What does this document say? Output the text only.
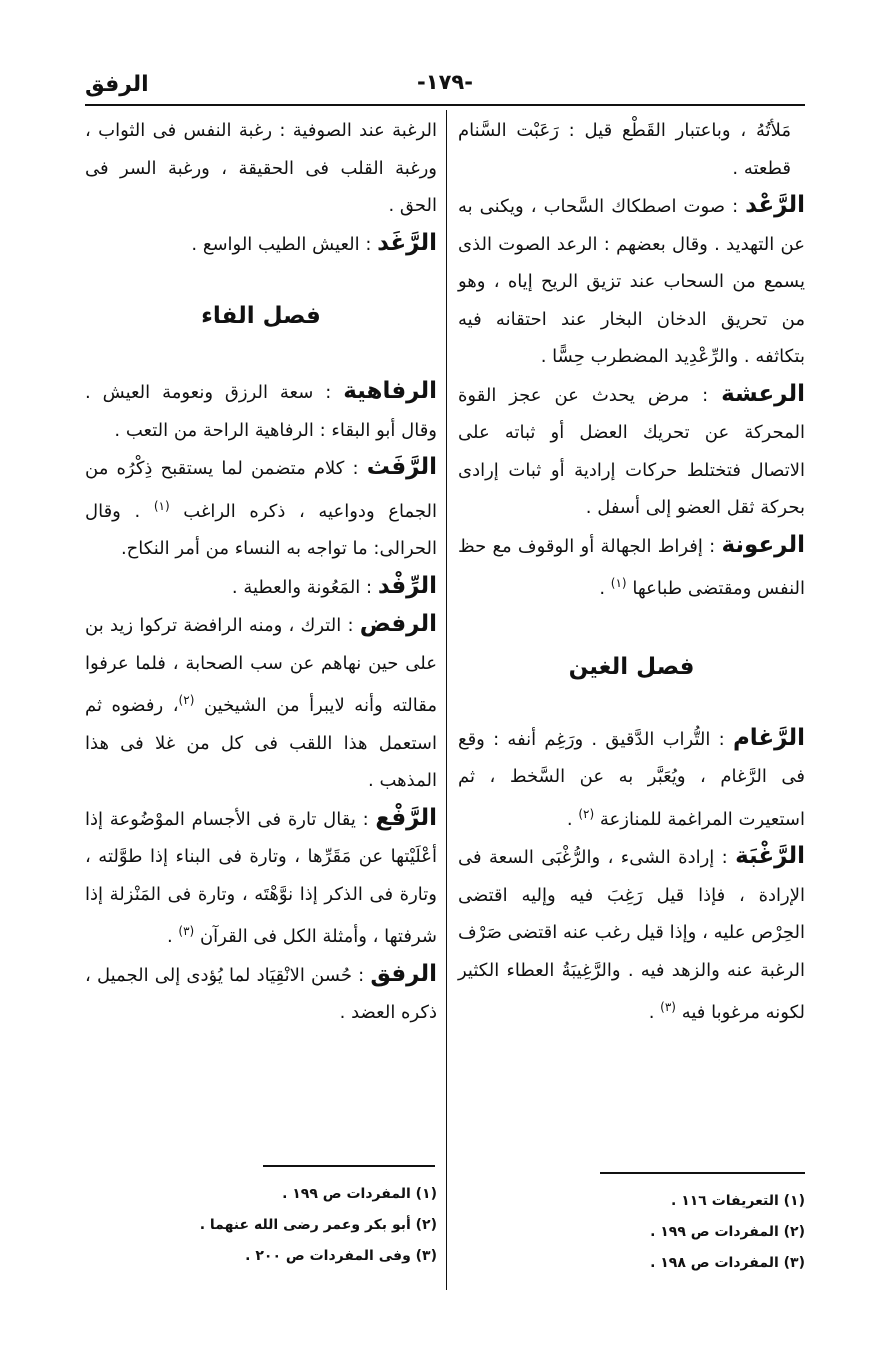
-١٧٩-
الرفق

مَلأتُهُ ، وباعتبار القَطْع قيل : رَعَبْت السَّنام قطعته .

الرَّعْد : صوت اصطكاك السَّحاب ، ويكنى به عن التهديد . وقال بعضهم : الرعد الصوت الذى يسمع من السحاب عند تزيق الريح إياه ، وهو من تحريق الدخان البخار عند احتقانه فيه بتكاثفه . والرِّعْدِيد المضطرب حِسًّا .

الرعشة : مرض يحدث عن عجز القوة المحركة عن تحريك العضل أو ثباته على الاتصال فتختلط حركات إرادية أو ثبات إرادى بحركة ثقل العضو إلى أسفل .

الرعونة : إفراط الجهالة أو الوقوف مع حظ النفس ومقتضى طباعها $^{(١)}$ .

فصل الغين

الرَّغام : التُّراب الدَّقيق . ورَغِم أنفه : وقع فى الرَّغام ، ويُعَبَّر به عن السَّخط ، ثم استعيرت المراغمة للمنازعة $^{(٢)}$ .

الرَّغْبَة : إرادة الشىء ، والرُّغْبَى السعة فى الإرادة ، فإذا قيل رَغِبَ فيه وإليه اقتضى الحِرْص عليه ، وإذا قيل رغب عنه اقتضى صَرْف الرغبة عنه والزهد فيه . والرَّغِيبَةُ العطاء الكثير لكونه مرغوبا فيه $^{(٣)}$ .

الرغبة عند الصوفية : رغبة النفس فى الثواب ، ورغبة القلب فى الحقيقة ، ورغبة السر فى الحق .

الرَّغَد : العيش الطيب الواسع .

فصل الفاء

الرفاهية : سعة الرزق ونعومة العيش . وقال أبو البقاء : الرفاهية الراحة من التعب .

الرَّفَث : كلام متضمن لما يستقبح ذِكْرُه من الجماع ودواعيه ، ذكره الراغب $^{(١)}$ . وقال الحرالى: ما تواجه به النساء من أمر النكاح.

الرِّفْد : المَعُونة والعطية .

الرفض : الترك ، ومنه الرافضة تركوا زيد بن على حين نهاهم عن سب الصحابة ، فلما عرفوا مقالته وأنه لايبرأ من الشيخين $^{(٢)}$، رفضوه ثم استعمل هذا اللقب فى كل من غلا فى هذا المذهب .

الرَّفْع : يقال تارة فى الأجسام الموْضُوعة إذا أعْلَيْتها عن مَقَرِّها ، وتارة فى البناء إذا طوَّلته ، وتارة فى الذكر إذا نوَّهْتَه ، وتارة فى المَنْزلة إذا شرفتها ، وأمثلة الكل فى القرآن $^{(٣)}$ .

الرفق : حُسن الانْقِيَاد لما يُؤدى إلى الجميل ، ذكره العضد .

(١) التعريفات ١١٦ .
(٢) المفردات ص ١٩٩ .
(٣) المفردات ص ١٩٨ .
(١) المفردات ص ١٩٩ .
(٢) أبو بكر وعمر رضى الله عنهما .
(٣) وفى المفردات ص ٢٠٠ .
